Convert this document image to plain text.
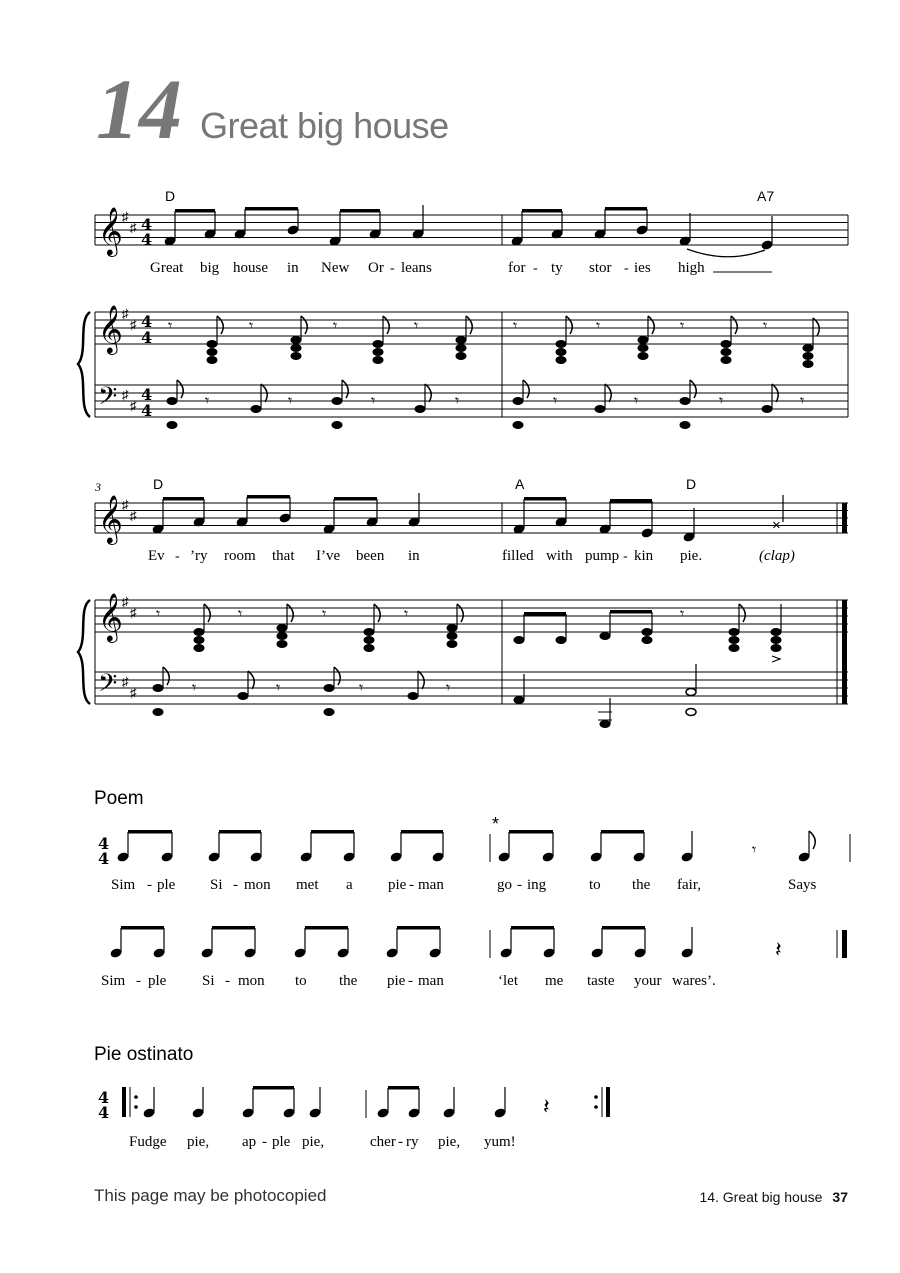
14 Great big house
𝄞
𝄞
𝄢
♯
♯
♯
♯
♯
♯
4
4
4
4
4
4
D	A7
Great big house in New Or - leans	for - ty stor - ies high
𝄾	𝄾	𝄾	𝄾	𝄾	𝄾	𝄾	𝄾
𝄾	𝄾	𝄾	𝄾	𝄾	𝄾	𝄾	𝄾
3
𝄞
𝄞
𝄢
♯
♯
♯
♯
♯
♯
D	A	D
×
Ev - ’ry room that I’ve been in	filled with pump - kin pie.	(clap)
𝄾	𝄾	𝄾	𝄾	𝄾
𝄾	𝄾	𝄾	𝄾
Poem
4
4
*
𝄾
Sim - ple Si - mon met a pie - man	go - ing	to the fair,	Says
𝄽
Sim - ple Si - mon to the pie - man	‘let me taste your wares’.
Pie ostinato
4
4	𝄽
Fudge pie, ap - ple pie,	cher - ry pie, yum!
This page may be photocopied	14. Great big house 37
